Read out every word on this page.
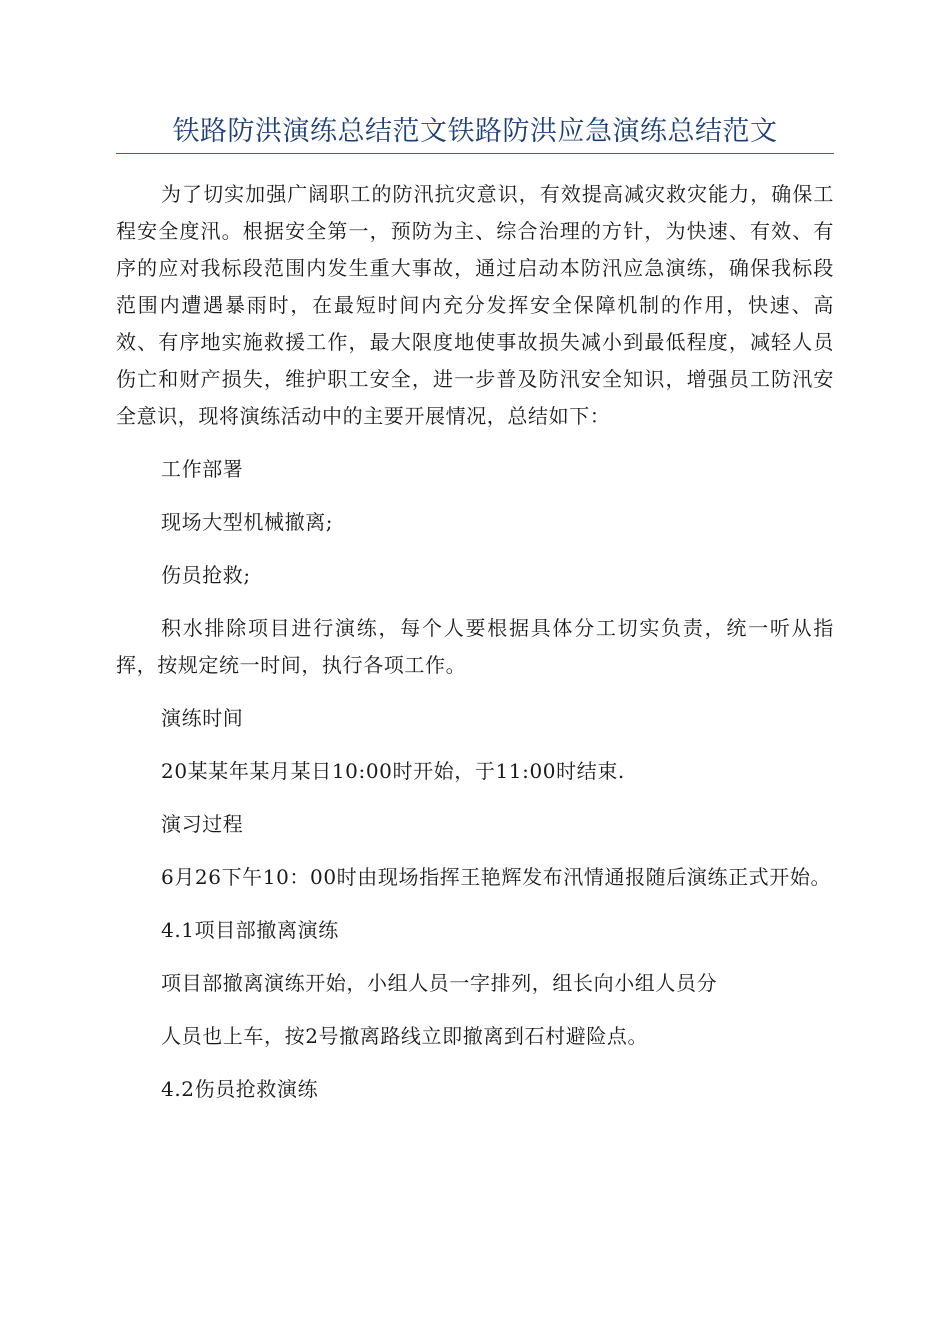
铁路防洪演练总结范文铁路防洪应急演练总结范文

为了切实加强广阔职工的防汛抗灾意识，有效提高减灾救灾能力，确保工程安全度汛。根据安全第一，预防为主、综合治理的方针，为快速、有效、有序的应对我标段范围内发生重大事故，通过启动本防汛应急演练，确保我标段范围内遭遇暴雨时，在最短时间内充分发挥安全保障机制的作用，快速、高效、有序地实施救援工作，最大限度地使事故损失减小到最低程度，减轻人员伤亡和财产损失，维护职工安全，进一步普及防汛安全知识，增强员工防汛安全意识，现将演练活动中的主要开展情况，总结如下：

工作部署

现场大型机械撤离;

伤员抢救;

积水排除项目进行演练，每个人要根据具体分工切实负责，统一听从指挥，按规定统一时间，执行各项工作。

演练时间

20某某年某月某日10:00时开始，于11:00时结束.

演习过程

6月26下午10：00时由现场指挥王艳辉发布汛情通报随后演练正式开始。

4.1项目部撤离演练

项目部撤离演练开始，小组人员一字排列，组长向小组人员分

人员也上车，按2号撤离路线立即撤离到石村避险点。

4.2伤员抢救演练
